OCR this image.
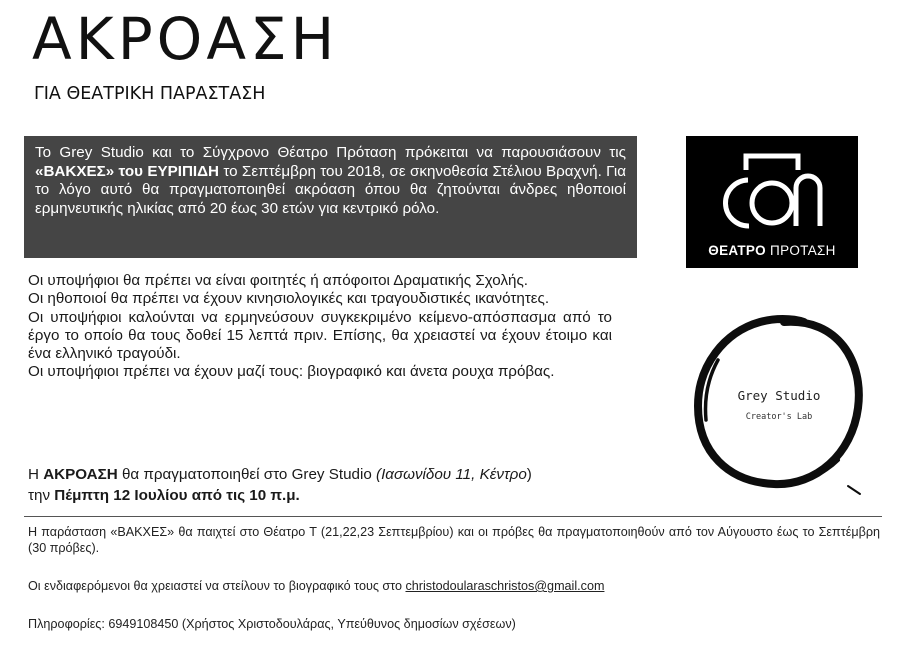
ΑΚΡΟΑΣΗ
ΓΙΑ ΘΕΑΤΡΙΚΗ ΠΑΡΑΣΤΑΣΗ
Το Grey Studio και το Σύγχρονο Θέατρο Πρόταση πρόκειται να παρουσιάσουν τις «ΒΑΚΧΕΣ» του ΕΥΡΙΠΙΔΗ το Σεπτέμβρη του 2018, σε σκηνοθεσία Στέλιου Βραχνή. Για το λόγο αυτό θα πραγματοποιηθεί ακρόαση όπου θα ζητούνται άνδρες ηθοποιοί ερμηνευτικής ηλικίας από 20 έως 30 ετών για κεντρικό ρόλο.
ΘΕΑΤΡΟ ΠΡΟΤΑΣΗ

Οι υποψήφιοι θα πρέπει να είναι φοιτητές ή απόφοιτοι Δραματικής Σχολής.

Οι ηθοποιοί θα πρέπει να έχουν κινησιολογικές και τραγουδιστικές ικανότητες.

Οι υποψήφιοι καλούνται να ερμηνεύσουν συγκεκριμένο κείμενο-απόσπασμα από το έργο το οποίο θα τους δοθεί 15 λεπτά πριν. Επίσης, θα χρειαστεί να έχουν έτοιμο και ένα ελληνικό τραγούδι.

Οι υποψήφιοι πρέπει να έχουν μαζί τους: βιογραφικό και άνετα ρουχα πρόβας.

Grey Studio
Creator's Lab

Η ΑΚΡΟΑΣΗ θα πραγματοποιηθεί στο Grey Studio (Ιασωνίδου 11, Κέντρο)

την Πέμπτη 12 Ιουλίου από τις 10 π.μ.

Η παράσταση «ΒΑΚΧΕΣ» θα παιχτεί στο Θέατρο Τ (21,22,23 Σεπτεμβρίου) και οι πρόβες θα πραγματοποιηθούν από τον Αύγουστο έως το Σεπτέμβρη (30 πρόβες).

Οι ενδιαφερόμενοι θα χρειαστεί να στείλουν το βιογραφικό τους στο christodoularaschristos@gmail.com

Πληροφορίες: 6949108450 (Χρήστος Χριστοδουλάρας, Υπεύθυνος δημοσίων σχέσεων)
